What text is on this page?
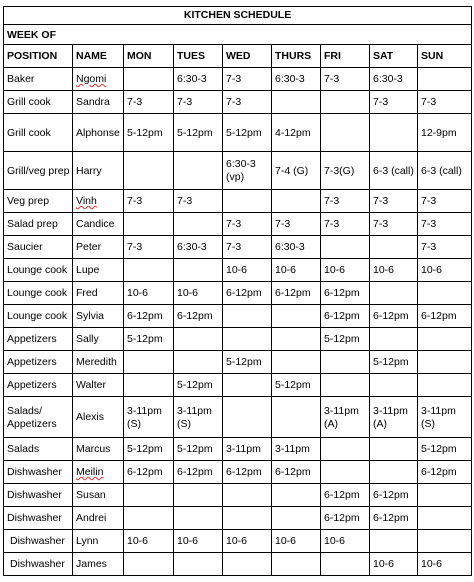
KITCHEN SCHEDULE								
WEEK OF								
POSITION	NAME	MON	TUES	WED	THURS	FRI	SAT	SUN
Baker	Ngomi		6:30-3	7-3	6:30-3	7-3	6:30-3	
Grill cook	Sandra	7-3	7-3	7-3			7-3	7-3
Grill cook	Alphonse	5-12pm	5-12pm	5-12pm	4-12pm			12-9pm
Grill/veg prep	Harry			6:30-3 (vp)	7-4 (G)	7-3(G)	6-3 (call)	6-3 (call)
Veg prep	Vinh	7-3	7-3			7-3	7-3	7-3
Salad prep	Candice			7-3	7-3	7-3	7-3	7-3
Saucier	Peter	7-3	6:30-3	7-3	6:30-3			7-3
Lounge cook	Lupe			10-6	10-6	10-6	10-6	10-6
Lounge cook	Fred	10-6	10-6	6-12pm	6-12pm	6-12pm		
Lounge cook	Sylvia	6-12pm	6-12pm			6-12pm	6-12pm	6-12pm
Appetizers	Sally	5-12pm				5-12pm		
Appetizers	Meredith			5-12pm			5-12pm	
Appetizers	Walter		5-12pm		5-12pm			
Salads/ Appetizers	Alexis	3-11pm (S)	3-11pm (S)			3-11pm (A)	3-11pm (A)	3-11pm (S)
Salads	Marcus	5-12pm	5-12pm	3-11pm	3-11pm			5-12pm
Dishwasher	Meilin	6-12pm	6-12pm	6-12pm	6-12pm			6-12pm
Dishwasher	Susan					6-12pm	6-12pm	
Dishwasher	Andrei					6-12pm	6-12pm	
Dishwasher	Lynn	10-6	10-6	10-6	10-6	10-6		
Dishwasher	James						10-6	10-6
